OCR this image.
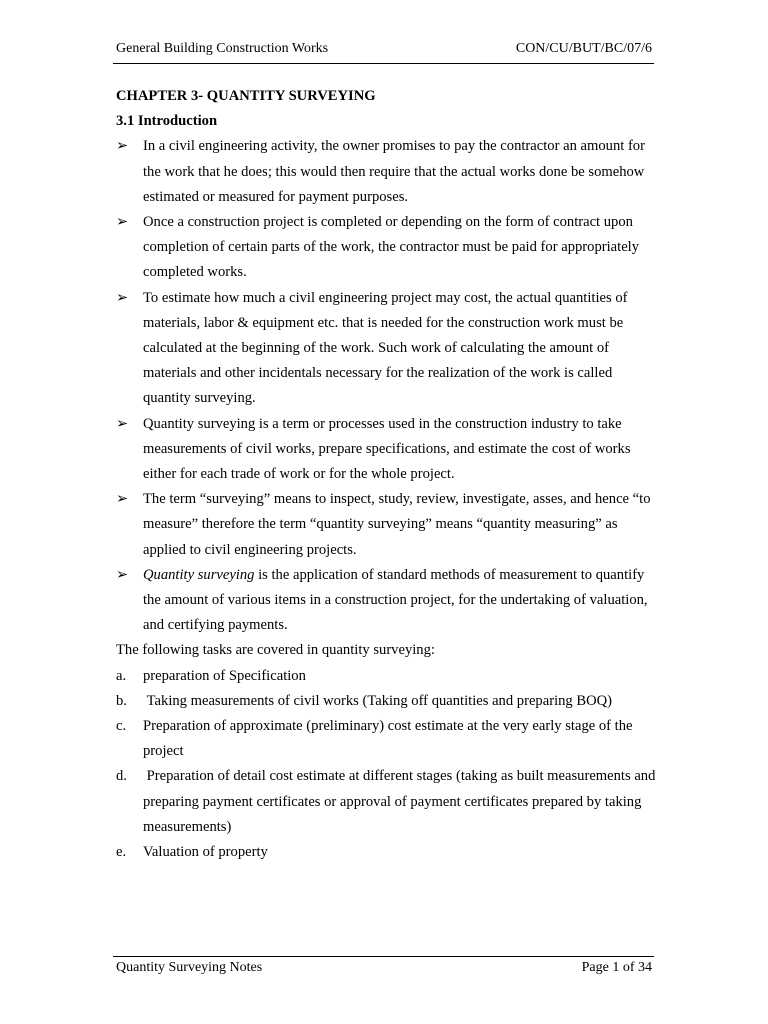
General Building Construction Works	CON/CU/BUT/BC/07/6

CHAPTER 3- QUANTITY SURVEYING

3.1 Introduction

➢ In a civil engineering activity, the owner promises to pay the contractor an amount for the work that he does; this would then require that the actual works done be somehow estimated or measured for payment purposes.
➢ Once a construction project is completed or depending on the form of contract upon completion of certain parts of the work, the contractor must be paid for appropriately completed works.
➢ To estimate how much a civil engineering project may cost, the actual quantities of materials, labor & equipment etc. that is needed for the construction work must be calculated at the beginning of the work. Such work of calculating the amount of materials and other incidentals necessary for the realization of the work is called quantity surveying.
➢ Quantity surveying is a term or processes used in the construction industry to take measurements of civil works, prepare specifications, and estimate the cost of works either for each trade of work or for the whole project.
➢ The term “surveying” means to inspect, study, review, investigate, asses, and hence “to measure” therefore the term “quantity surveying” means “quantity measuring” as applied to civil engineering projects.
➢ Quantity surveying is the application of standard methods of measurement to quantify the amount of various items in a construction project, for the undertaking of valuation, and certifying payments.

The following tasks are covered in quantity surveying:

a. preparation of Specification
b. Taking measurements of civil works (Taking off quantities and preparing BOQ)
c. Preparation of approximate (preliminary) cost estimate at the very early stage of the project
d. Preparation of detail cost estimate at different stages (taking as built measurements and preparing payment certificates or approval of payment certificates prepared by taking measurements)
e. Valuation of property
Quantity Surveying Notes	Page 1 of 34
